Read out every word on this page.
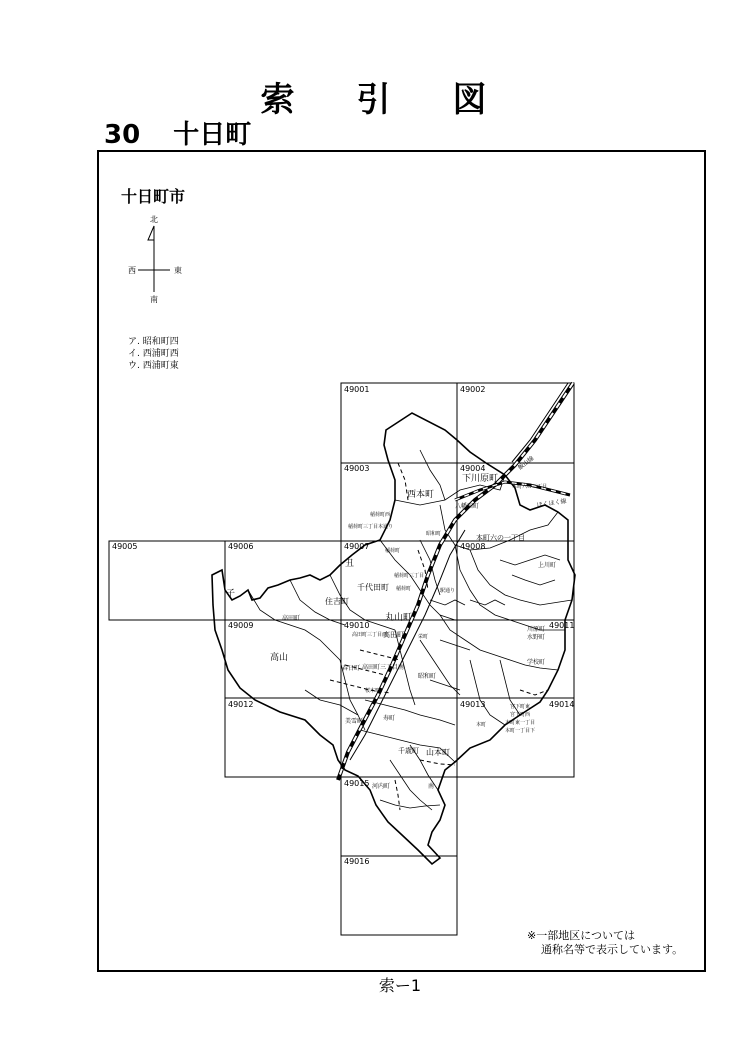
索引図
30 十日町
十日町市
ア. 昭和町四
イ. 西浦町西
ウ. 西浦町東
北
南
西	東
49001	49002
49003	49004
49005	49006	49007	49008
49009	49010	49011
49012	49013	49014
49015
49016
下川原町
西本町
八幡田町
稲荷町西
稲荷町三丁目本通り
本町六の三丁目
本町六の一丁目
昭和町
稲荷町
稲荷町三丁目
稲荷町
丑
千代田町
住吉町
丸山町
高田町
子
上川町
川原町
水野町
学校町
高山
高田町
高田町三丁目西
高田町三丁目南
栄町
春日町
昭和町
桜木町
美雪町	寿町
千歳町 山本町
宮下町東
宮下町西
本町東一丁目
本町一丁目下
本町
河内町	南
駅通り
飯山線
ほくほく線
※一部地区については
通称名等で表示しています。
索ー1
